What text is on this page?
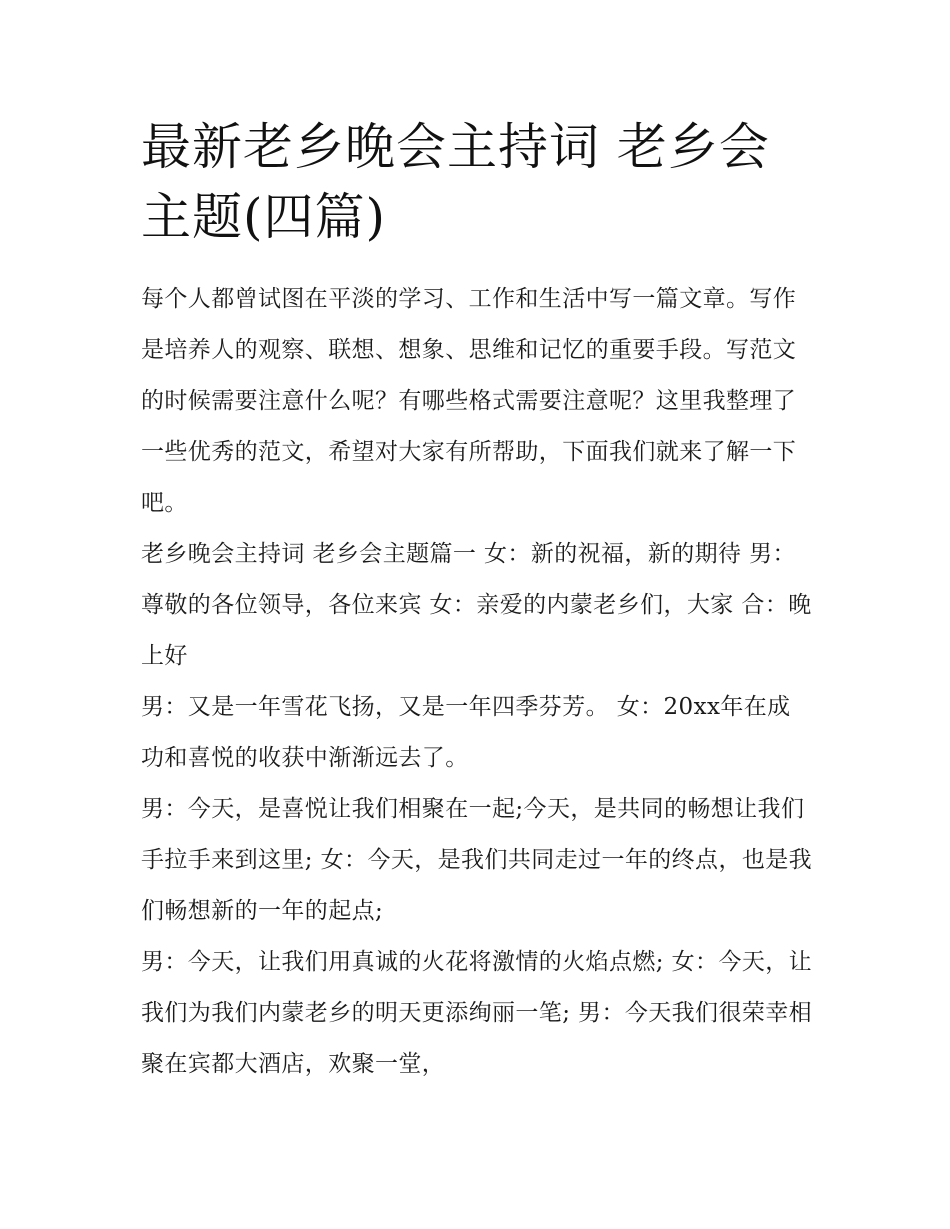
最新老乡晚会主持词 老乡会主题(四篇)

每个人都曾试图在平淡的学习、工作和生活中写一篇文章。写作是培养人的观察、联想、想象、思维和记忆的重要手段。写范文的时候需要注意什么呢？有哪些格式需要注意呢？这里我整理了一些优秀的范文，希望对大家有所帮助，下面我们就来了解一下吧。

老乡晚会主持词 老乡会主题篇一 女：新的祝福，新的期待 男：尊敬的各位领导，各位来宾 女：亲爱的内蒙老乡们，大家 合：晚上好

男：又是一年雪花飞扬，又是一年四季芬芳。 女：20xx年在成功和喜悦的收获中渐渐远去了。

男：今天，是喜悦让我们相聚在一起;今天，是共同的畅想让我们手拉手来到这里; 女：今天，是我们共同走过一年的终点，也是我们畅想新的一年的起点;

男：今天，让我们用真诚的火花将激情的火焰点燃; 女：今天，让我们为我们内蒙老乡的明天更添绚丽一笔; 男：今天我们很荣幸相聚在宾都大酒店，欢聚一堂，
